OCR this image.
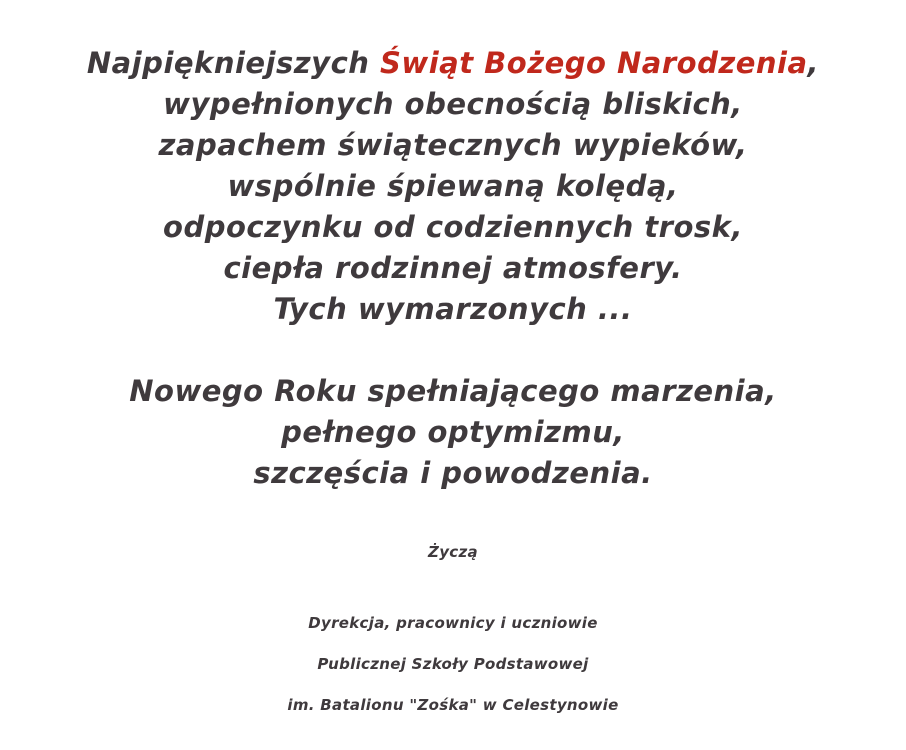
Najpiękniejszych Świąt Bożego Narodzenia,
wypełnionych obecnością bliskich,
zapachem świątecznych wypieków,
wspólnie śpiewaną kolędą,
odpoczynku od codziennych trosk,
ciepła rodzinnej atmosfery.
Tych wymarzonych ...
Nowego Roku spełniającego marzenia,
pełnego optymizmu,
szczęścia i powodzenia.
Życzą
Dyrekcja, pracownicy i uczniowie
Publicznej Szkoły Podstawowej
im. Batalionu "Zośka" w Celestynowie
